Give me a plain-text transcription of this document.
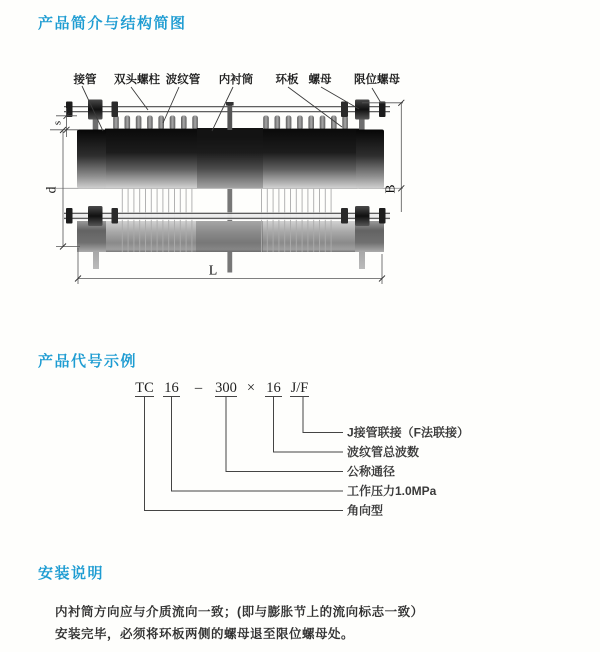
产品简介与结构简图
接管 双头螺柱 波纹管 内衬筒 环板 螺母 限位螺母
s
d	B
L
产品代号示例
TC 16 – 300 × 16 J/F
J接管联接（F法联接）
波纹管总波数
公称通径
工作压力1.0MPa
角向型
安装说明

内衬筒方向应与介质流向一致；(即与膨胀节上的流向标志一致）

安装完毕，必须将环板两侧的螺母退至限位螺母处。
